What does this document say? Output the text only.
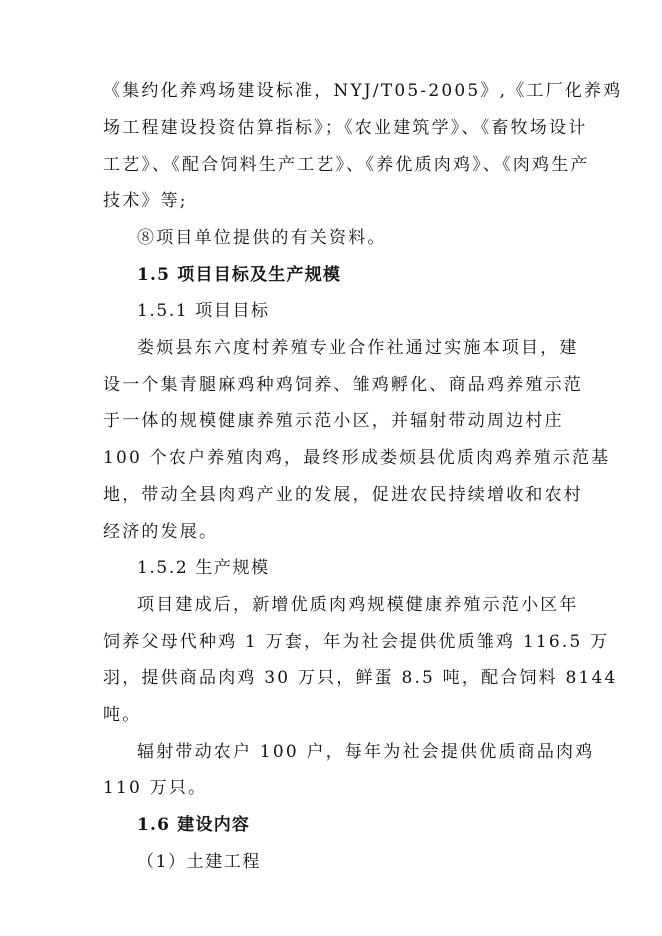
《集约化养鸡场建设标准，NYJ/T05-2005》,《工厂化养鸡
场工程建设投资估算指标》；《农业建筑学》、《畜牧场设计
工艺》、《配合饲料生产工艺》、《养优质肉鸡》、《肉鸡生产
技术》等;
⑧项目单位提供的有关资料。
1.5 项目目标及生产规模
1.5.1 项目目标
娄烦县东六度村养殖专业合作社通过实施本项目，建
设一个集青腿麻鸡种鸡饲养、雏鸡孵化、商品鸡养殖示范
于一体的规模健康养殖示范小区，并辐射带动周边村庄
100 个农户养殖肉鸡，最终形成娄烦县优质肉鸡养殖示范基
地，带动全县肉鸡产业的发展，促进农民持续增收和农村
经济的发展。
1.5.2 生产规模
项目建成后，新增优质肉鸡规模健康养殖示范小区年
饲养父母代种鸡 1 万套，年为社会提供优质雏鸡 116.5 万
羽，提供商品肉鸡 30 万只，鲜蛋 8.5 吨，配合饲料 8144
吨。
辐射带动农户 100 户，每年为社会提供优质商品肉鸡
110 万只。
1.6 建设内容
（1）土建工程
